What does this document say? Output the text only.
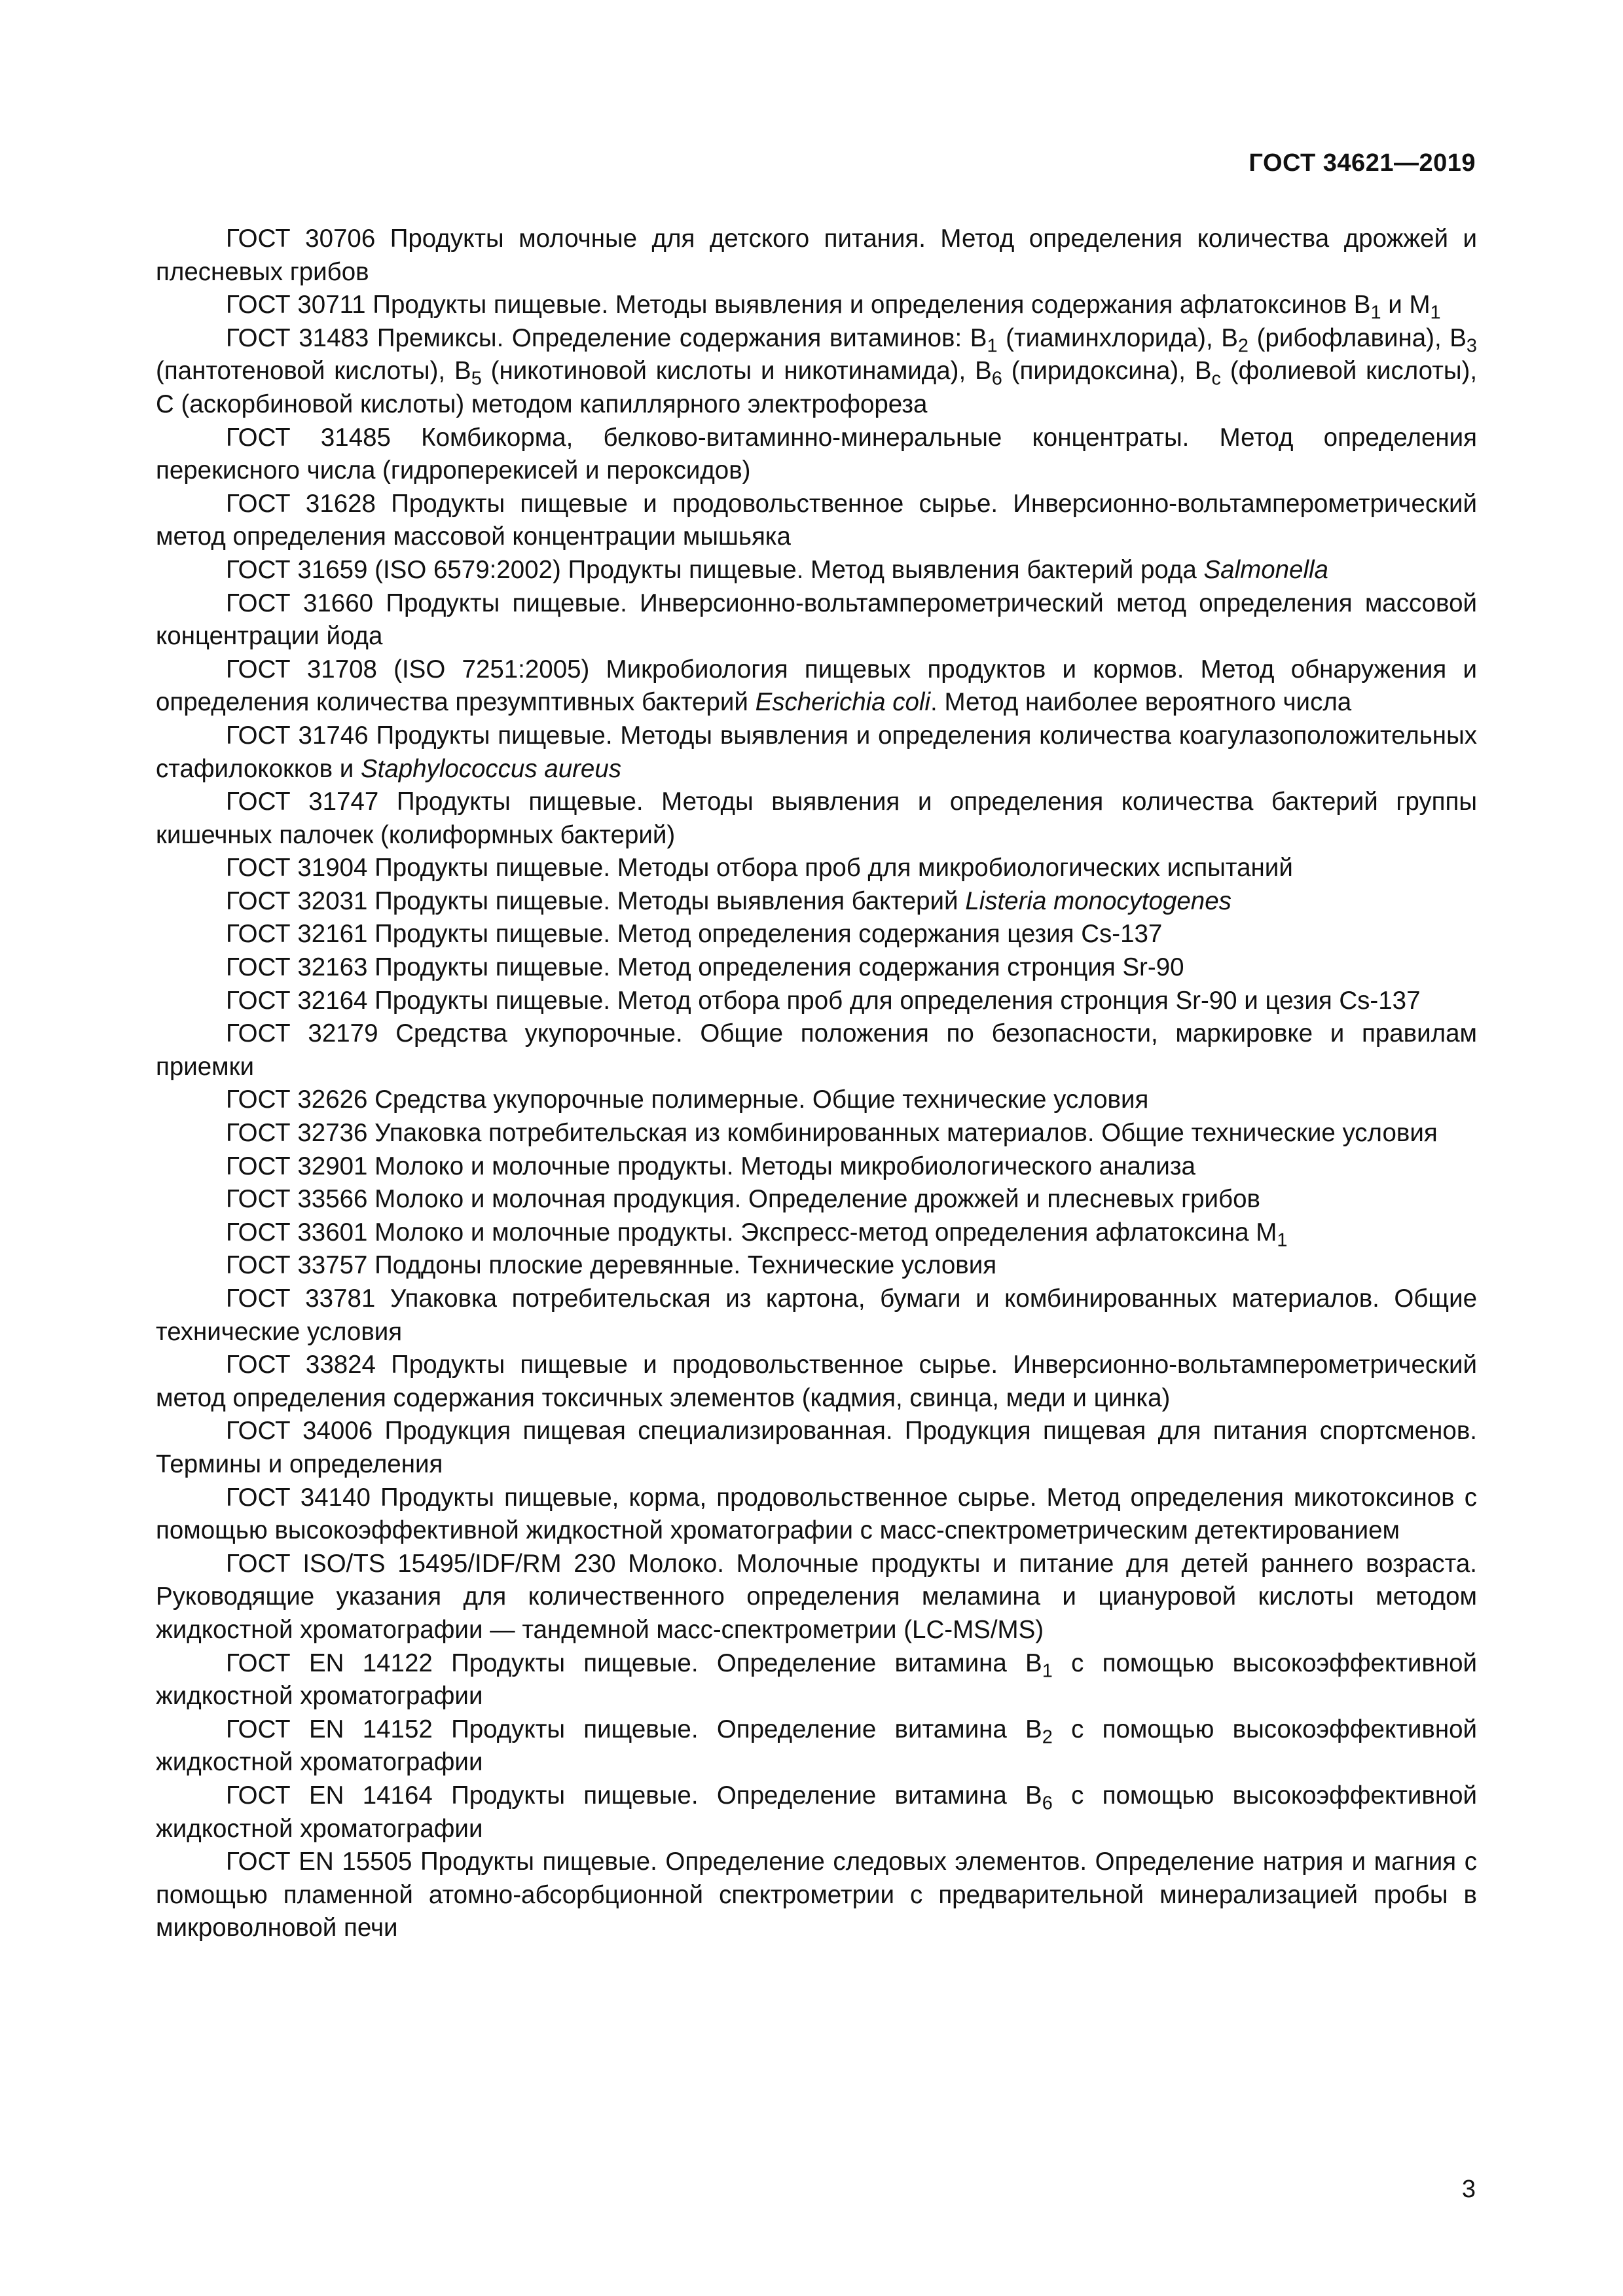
ГОСТ 34621—2019

ГОСТ 30706 Продукты молочные для детского питания. Метод определения количества дрожжей и плесневых грибов

ГОСТ 30711 Продукты пищевые. Методы выявления и определения содержания афлатоксинов $B_1$ и $M_1$

ГОСТ 31483 Премиксы. Определение содержания витаминов: $B_1$ (тиаминхлорида), $B_2$ (рибофлавина), $B_3$ (пантотеновой кислоты), $B_5$ (никотиновой кислоты и никотинамида), $B_6$ (пиридоксина), $B_c$ (фолиевой кислоты), C (аскорбиновой кислоты) методом капиллярного электрофореза

ГОСТ 31485 Комбикорма, белково-витаминно-минеральные концентраты. Метод определения перекисного числа (гидроперекисей и пероксидов)

ГОСТ 31628 Продукты пищевые и продовольственное сырье. Инверсионно-вольтамперометрический метод определения массовой концентрации мышьяка

ГОСТ 31659 (ISO 6579:2002) Продукты пищевые. Метод выявления бактерий рода Salmonella

ГОСТ 31660 Продукты пищевые. Инверсионно-вольтамперометрический метод определения массовой концентрации йода

ГОСТ 31708 (ISO 7251:2005) Микробиология пищевых продуктов и кормов. Метод обнаружения и определения количества презумптивных бактерий Escherichia coli. Метод наиболее вероятного числа

ГОСТ 31746 Продукты пищевые. Методы выявления и определения количества коагулазоположительных стафилококков и Staphylococcus aureus

ГОСТ 31747 Продукты пищевые. Методы выявления и определения количества бактерий группы кишечных палочек (колиформных бактерий)

ГОСТ 31904 Продукты пищевые. Методы отбора проб для микробиологических испытаний

ГОСТ 32031 Продукты пищевые. Методы выявления бактерий Listeria monocytogenes

ГОСТ 32161 Продукты пищевые. Метод определения содержания цезия Cs-137

ГОСТ 32163 Продукты пищевые. Метод определения содержания стронция Sr-90

ГОСТ 32164 Продукты пищевые. Метод отбора проб для определения стронция Sr-90 и цезия Cs-137

ГОСТ 32179 Средства укупорочные. Общие положения по безопасности, маркировке и правилам приемки

ГОСТ 32626 Средства укупорочные полимерные. Общие технические условия

ГОСТ 32736 Упаковка потребительская из комбинированных материалов. Общие технические условия

ГОСТ 32901 Молоко и молочные продукты. Методы микробиологического анализа

ГОСТ 33566 Молоко и молочная продукция. Определение дрожжей и плесневых грибов

ГОСТ 33601 Молоко и молочные продукты. Экспресс-метод определения афлатоксина $M_1$

ГОСТ 33757 Поддоны плоские деревянные. Технические условия

ГОСТ 33781 Упаковка потребительская из картона, бумаги и комбинированных материалов. Общие технические условия

ГОСТ 33824 Продукты пищевые и продовольственное сырье. Инверсионно-вольтамперометрический метод определения содержания токсичных элементов (кадмия, свинца, меди и цинка)

ГОСТ 34006 Продукция пищевая специализированная. Продукция пищевая для питания спортсменов. Термины и определения

ГОСТ 34140 Продукты пищевые, корма, продовольственное сырье. Метод определения микотоксинов с помощью высокоэффективной жидкостной хроматографии с масс-спектрометрическим детектированием

ГОСТ ISO/TS 15495/IDF/RM 230 Молоко. Молочные продукты и питание для детей раннего возраста. Руководящие указания для количественного определения меламина и циануровой кислоты методом жидкостной хроматографии — тандемной масс-спектрометрии (LC-MS/MS)

ГОСТ EN 14122 Продукты пищевые. Определение витамина $B_1$ с помощью высокоэффективной жидкостной хроматографии

ГОСТ EN 14152 Продукты пищевые. Определение витамина $B_2$ с помощью высокоэффективной жидкостной хроматографии

ГОСТ EN 14164 Продукты пищевые. Определение витамина $B_6$ с помощью высокоэффективной жидкостной хроматографии

ГОСТ EN 15505 Продукты пищевые. Определение следовых элементов. Определение натрия и магния с помощью пламенной атомно-абсорбционной спектрометрии с предварительной минерализацией пробы в микроволновой печи

3
